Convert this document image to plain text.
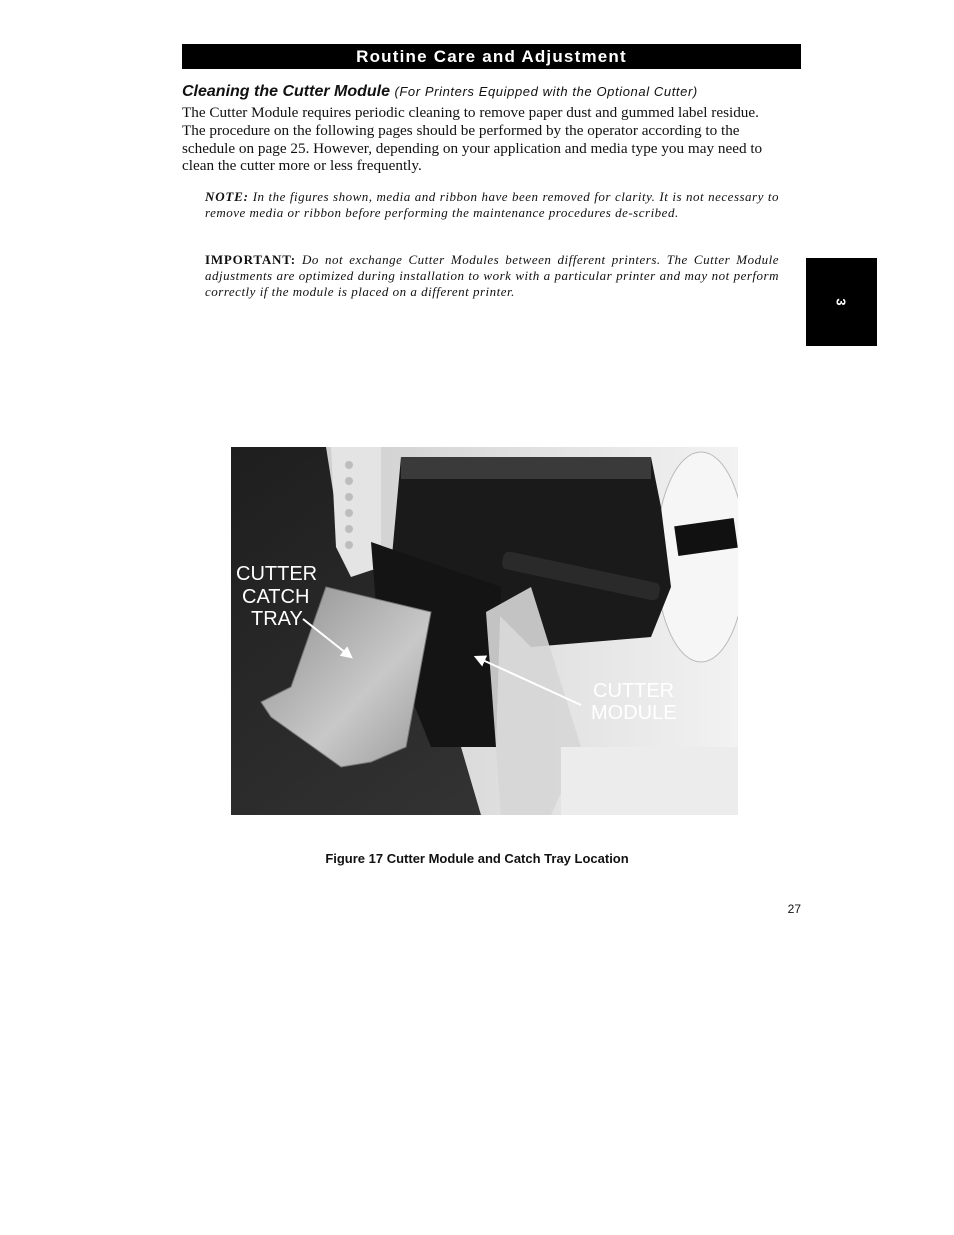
Routine Care and Adjustment
Cleaning the Cutter Module (For Printers Equipped with the Optional Cutter)
The Cutter Module requires periodic cleaning to remove paper dust and gummed label residue. The procedure on the following pages should be performed by the operator according to the schedule on page 25. However, depending on your application and media type you may need to clean the cutter more or less frequently.
NOTE: In the figures shown, media and ribbon have been removed for clarity. It is not necessary to remove media or ribbon before performing the maintenance procedures de-scribed.
IMPORTANT: Do not exchange Cutter Modules between different printers. The Cutter Module adjustments are optimized during installation to work with a particular printer and may not perform correctly if the module is placed on a different printer.
3
CUTTER
CATCH
TRAY
CUTTER
MODULE
Figure 17 Cutter Module and Catch Tray Location
27
